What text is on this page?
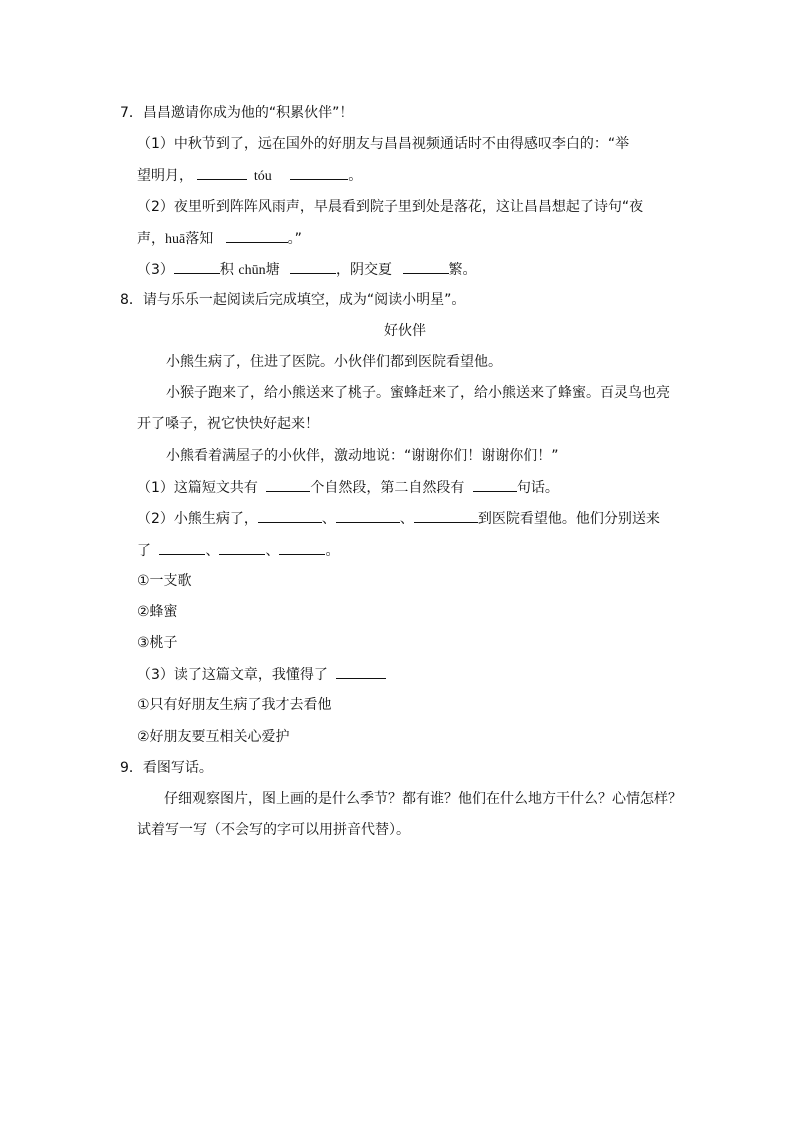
7．昌昌邀请你成为他的“积累伙伴”！
（1）中秋节到了，远在国外的好朋友与昌昌视频通话时不由得感叹李白的：“举
望明月，	tóu	。
（2）夜里听到阵阵风雨声，早晨看到院子里到处是落花，这让昌昌想起了诗句“夜
声，huā落知	。”
（3）	积 chūn塘	，阴交夏	繁。
8．请与乐乐一起阅读后完成填空，成为“阅读小明星”。
好伙伴
小熊生病了，住进了医院。小伙伴们都到医院看望他。
小猴子跑来了，给小熊送来了桃子。蜜蜂赶来了，给小熊送来了蜂蜜。百灵鸟也亮
开了嗓子，祝它快快好起来！
小熊看着满屋子的小伙伴，激动地说：“谢谢你们！谢谢你们！”
（1）这篇短文共有	个自然段，第二自然段有	句话。
（2）小熊生病了，	、	、	到医院看望他。他们分别送来
了	、	、	。
①一支歌
②蜂蜜
③桃子
（3）读了这篇文章，我懂得了
①只有好朋友生病了我才去看他
②好朋友要互相关心爱护
9．看图写话。
仔细观察图片，图上画的是什么季节？都有谁？他们在什么地方干什么？心情怎样？
试着写一写（不会写的字可以用拼音代替）。
